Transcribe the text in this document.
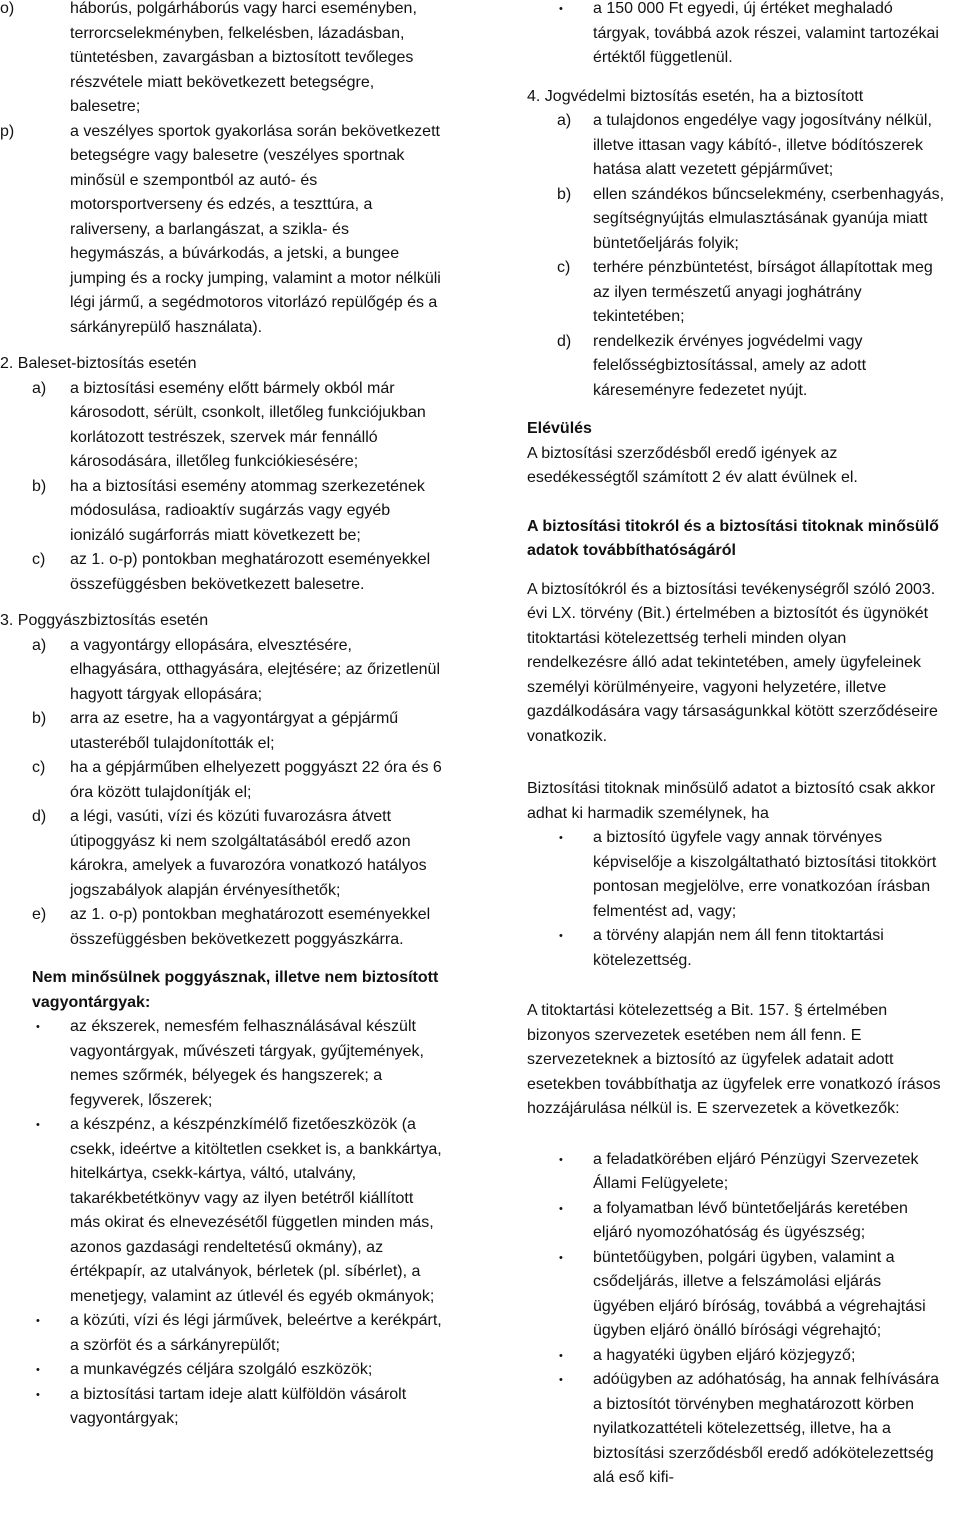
o)	háborús, polgárháborús vagy harci eseményben, terrorcselekményben, felkelésben, lázadásban, tüntetésben, zavargásban a biztosított tevőleges részvétele miatt bekövetkezett betegségre, balesetre;
p)	a veszélyes sportok gyakorlása során bekövetkezett betegségre vagy balesetre (veszélyes sportnak minősül e szempontból az autó- és motorsportverseny és edzés, a teszttúra, a raliverseny, a barlangászat, a szikla- és hegymászás, a búvárkodás, a jetski, a bungee jumping és a rocky jumping, valamint a motor nélküli légi jármű, a segédmotoros vitorlázó repülőgép és a sárkányrepülő használata).

2. Baleset-biztosítás esetén

a) a biztosítási esemény előtt bármely okból már károsodott, sérült, csonkolt, illetőleg funkciójukban korlátozott testrészek, szervek már fennálló károsodására, illetőleg funkciókiesésére;
b) ha a biztosítási esemény atommag szerkezetének módosulása, radioaktív sugárzás vagy egyéb ionizáló sugárforrás miatt következett be;
c) az 1. o-p) pontokban meghatározott eseményekkel összefüggésben bekövetkezett balesetre.

3. Poggyászbiztosítás esetén

a) a vagyontárgy ellopására, elvesztésére, elhagyására, otthagyására, elejtésére; az őrizetlenül hagyott tárgyak ellopására;
b) arra az esetre, ha a vagyontárgyat a gépjármű utasteréből tulajdonították el;
c) ha a gépjárműben elhelyezett poggyászt 22 óra és 6 óra között tulajdonítják el;
d) a légi, vasúti, vízi és közúti fuvarozásra átvett útipoggyász ki nem szolgáltatásából eredő azon károkra, amelyek a fuvarozóra vonatkozó hatályos jogszabályok alapján érvényesíthetők;
e) az 1. o-p) pontokban meghatározott eseményekkel összefüggésben bekövetkezett poggyászkárra.

Nem minősülnek poggyásznak, illetve nem biztosított vagyontárgyak:

• az ékszerek, nemesfém felhasználásával készült vagyontárgyak, művészeti tárgyak, gyűjtemények, nemes szőrmék, bélyegek és hangszerek; a fegyverek, lőszerek;
• a készpénz, a készpénzkímélő fizetőeszközök (a csekk, ideértve a kitöltetlen csekket is, a bankkártya, hitelkártya, csekk-kártya, váltó, utalvány, takarékbetétkönyv vagy az ilyen betétről kiállított más okirat és elnevezésétől független minden más, azonos gazdasági rendeltetésű okmány), az értékpapír, az utalványok, bérletek (pl. síbérlet), a menetjegy, valamint az útlevél és egyéb okmányok;
• a közúti, vízi és légi járművek, beleértve a kerékpárt, a szörföt és a sárkányrepülőt;
• a munkavégzés céljára szolgáló eszközök;
• a biztosítási tartam ideje alatt külföldön vásárolt vagyontárgyak;
• a 150 000 Ft egyedi, új értéket meghaladó tárgyak, továbbá azok részei, valamint tartozékai értéktől függetlenül.

4. Jogvédelmi biztosítás esetén, ha a biztosított

a) a tulajdonos engedélye vagy jogosítvány nélkül, illetve ittasan vagy kábító-, illetve bódítószerek hatása alatt vezetett gépjárművet;
b) ellen szándékos bűncselekmény, cserbenhagyás, segítségnyújtás elmulasztásának gyanúja miatt büntetőeljárás folyik;
c) terhére pénzbüntetést, bírságot állapítottak meg az ilyen természetű anyagi joghátrány tekintetében;
d) rendelkezik érvényes jogvédelmi vagy felelősségbiztosítással, amely az adott káreseményre fedezetet nyújt.

Elévülés

A biztosítási szerződésből eredő igények az esedékességtől számított 2 év alatt évülnek el.

A biztosítási titokról és a biztosítási titoknak minősülő adatok továbbíthatóságáról

A biztosítókról és a biztosítási tevékenységről szóló 2003. évi LX. törvény (Bit.) értelmében a biztosítót és ügynökét titoktartási kötelezettség terheli minden olyan rendelkezésre álló adat tekintetében, amely ügyfeleinek személyi körülményeire, vagyoni helyzetére, illetve gazdálkodására vagy társaságunkkal kötött szerződéseire vonatkozik.

Biztosítási titoknak minősülő adatot a biztosító csak akkor adhat ki harmadik személynek, ha

• a biztosító ügyfele vagy annak törvényes képviselője a kiszolgáltatható biztosítási titokkört pontosan megjelölve, erre vonatkozóan írásban felmentést ad, vagy;
• a törvény alapján nem áll fenn titoktartási kötelezettség.

A titoktartási kötelezettség a Bit. 157. § értelmében bizonyos szervezetek esetében nem áll fenn. E szervezeteknek a biztosító az ügyfelek adatait adott esetekben továbbíthatja az ügyfelek erre vonatkozó írásos hozzájárulása nélkül is. E szervezetek a következők:

• a feladatkörében eljáró Pénzügyi Szervezetek Állami Felügyelete;
• a folyamatban lévő büntetőeljárás keretében eljáró nyomozóhatóság és ügyészség;
• büntetőügyben, polgári ügyben, valamint a csődeljárás, illetve a felszámolási eljárás ügyében eljáró bíróság, továbbá a végrehajtási ügyben eljáró önálló bírósági végrehajtó;
• a hagyatéki ügyben eljáró közjegyző;
• adóügyben az adóhatóság, ha annak felhívására a biztosítót törvényben meghatározott körben nyilatkozattételi kötelezettség, illetve, ha a biztosítási szerződésből eredő adókötelezettség alá eső kifi-
